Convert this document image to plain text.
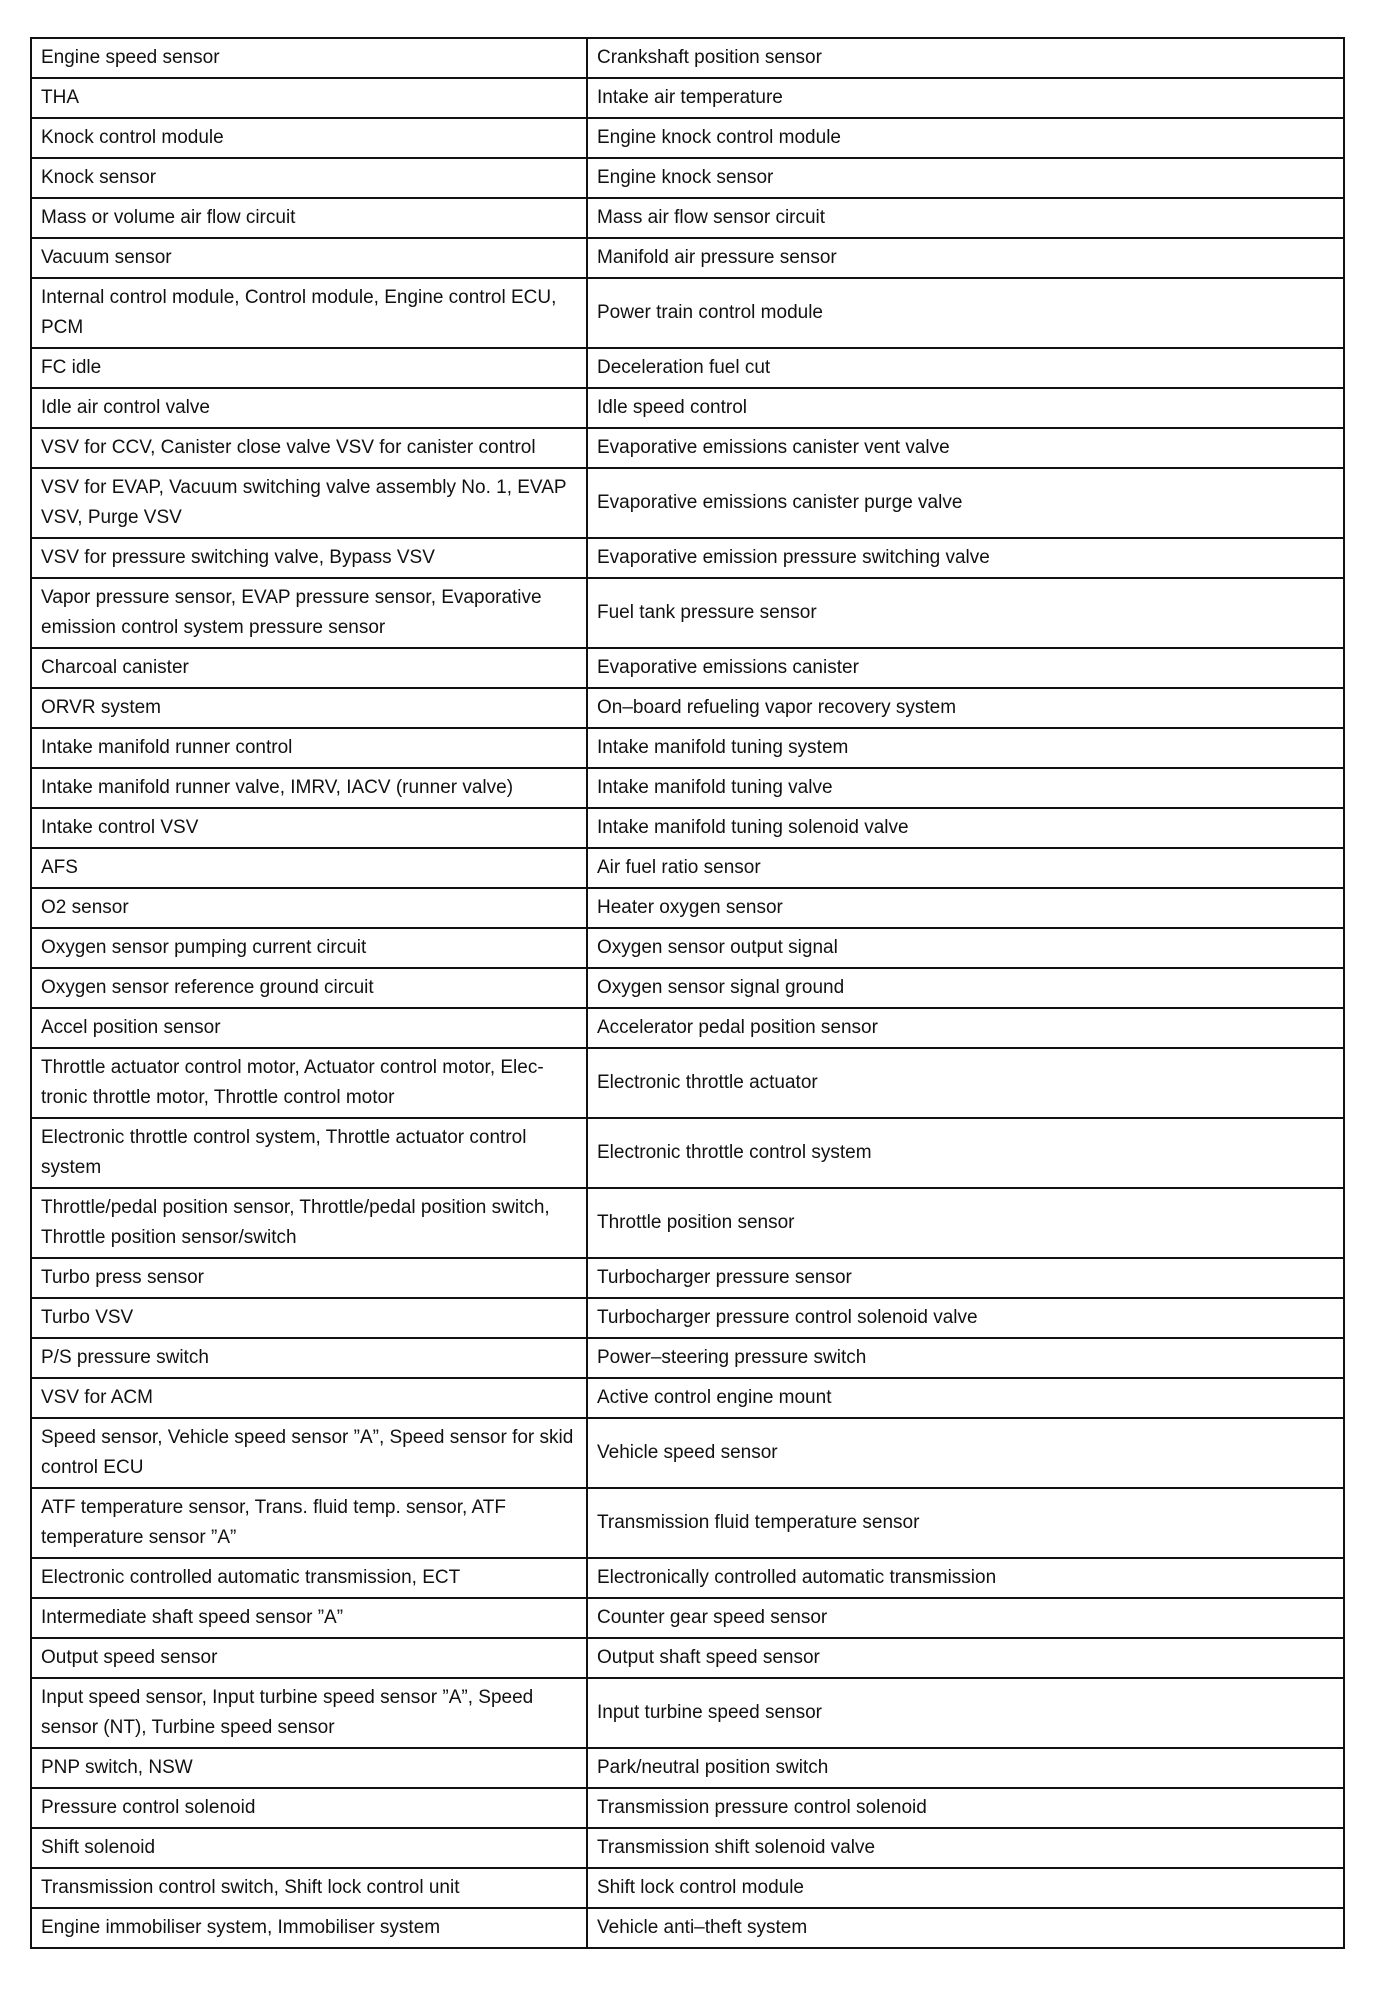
Engine speed sensor	Crankshaft position sensor
THA	Intake air temperature
Knock control module	Engine knock control module
Knock sensor	Engine knock sensor
Mass or volume air flow circuit	Mass air flow sensor circuit
Vacuum sensor	Manifold air pressure sensor
Internal control module, Control module, Engine control ECU, PCM	Power train control module
FC idle	Deceleration fuel cut
Idle air control valve	Idle speed control
VSV for CCV, Canister close valve VSV for canister control	Evaporative emissions canister vent valve
VSV for EVAP, Vacuum switching valve assembly No. 1, EVAP VSV, Purge VSV	Evaporative emissions canister purge valve
VSV for pressure switching valve, Bypass VSV	Evaporative emission pressure switching valve
Vapor pressure sensor, EVAP pressure sensor, Evaporative emission control system pressure sensor	Fuel tank pressure sensor
Charcoal canister	Evaporative emissions canister
ORVR system	On–board refueling vapor recovery system
Intake manifold runner control	Intake manifold tuning system
Intake manifold runner valve, IMRV, IACV (runner valve)	Intake manifold tuning valve
Intake control VSV	Intake manifold tuning solenoid valve
AFS	Air fuel ratio sensor
O2 sensor	Heater oxygen sensor
Oxygen sensor pumping current circuit	Oxygen sensor output signal
Oxygen sensor reference ground circuit	Oxygen sensor signal ground
Accel position sensor	Accelerator pedal position sensor
Throttle actuator control motor, Actuator control motor, Elec- tronic throttle motor, Throttle control motor	Electronic throttle actuator
Electronic throttle control system, Throttle actuator control system	Electronic throttle control system
Throttle/pedal position sensor, Throttle/pedal position switch, Throttle position sensor/switch	Throttle position sensor
Turbo press sensor	Turbocharger pressure sensor
Turbo VSV	Turbocharger pressure control solenoid valve
P/S pressure switch	Power–steering pressure switch
VSV for ACM	Active control engine mount
Speed sensor, Vehicle speed sensor ”A”, Speed sensor for skid control ECU	Vehicle speed sensor
ATF temperature sensor, Trans. fluid temp. sensor, ATF temperature sensor ”A”	Transmission fluid temperature sensor
Electronic controlled automatic transmission, ECT	Electronically controlled automatic transmission
Intermediate shaft speed sensor ”A”	Counter gear speed sensor
Output speed sensor	Output shaft speed sensor
Input speed sensor, Input turbine speed sensor ”A”, Speed sensor (NT), Turbine speed sensor	Input turbine speed sensor
PNP switch, NSW	Park/neutral position switch
Pressure control solenoid	Transmission pressure control solenoid
Shift solenoid	Transmission shift solenoid valve
Transmission control switch, Shift lock control unit	Shift lock control module
Engine immobiliser system, Immobiliser system	Vehicle anti–theft system
